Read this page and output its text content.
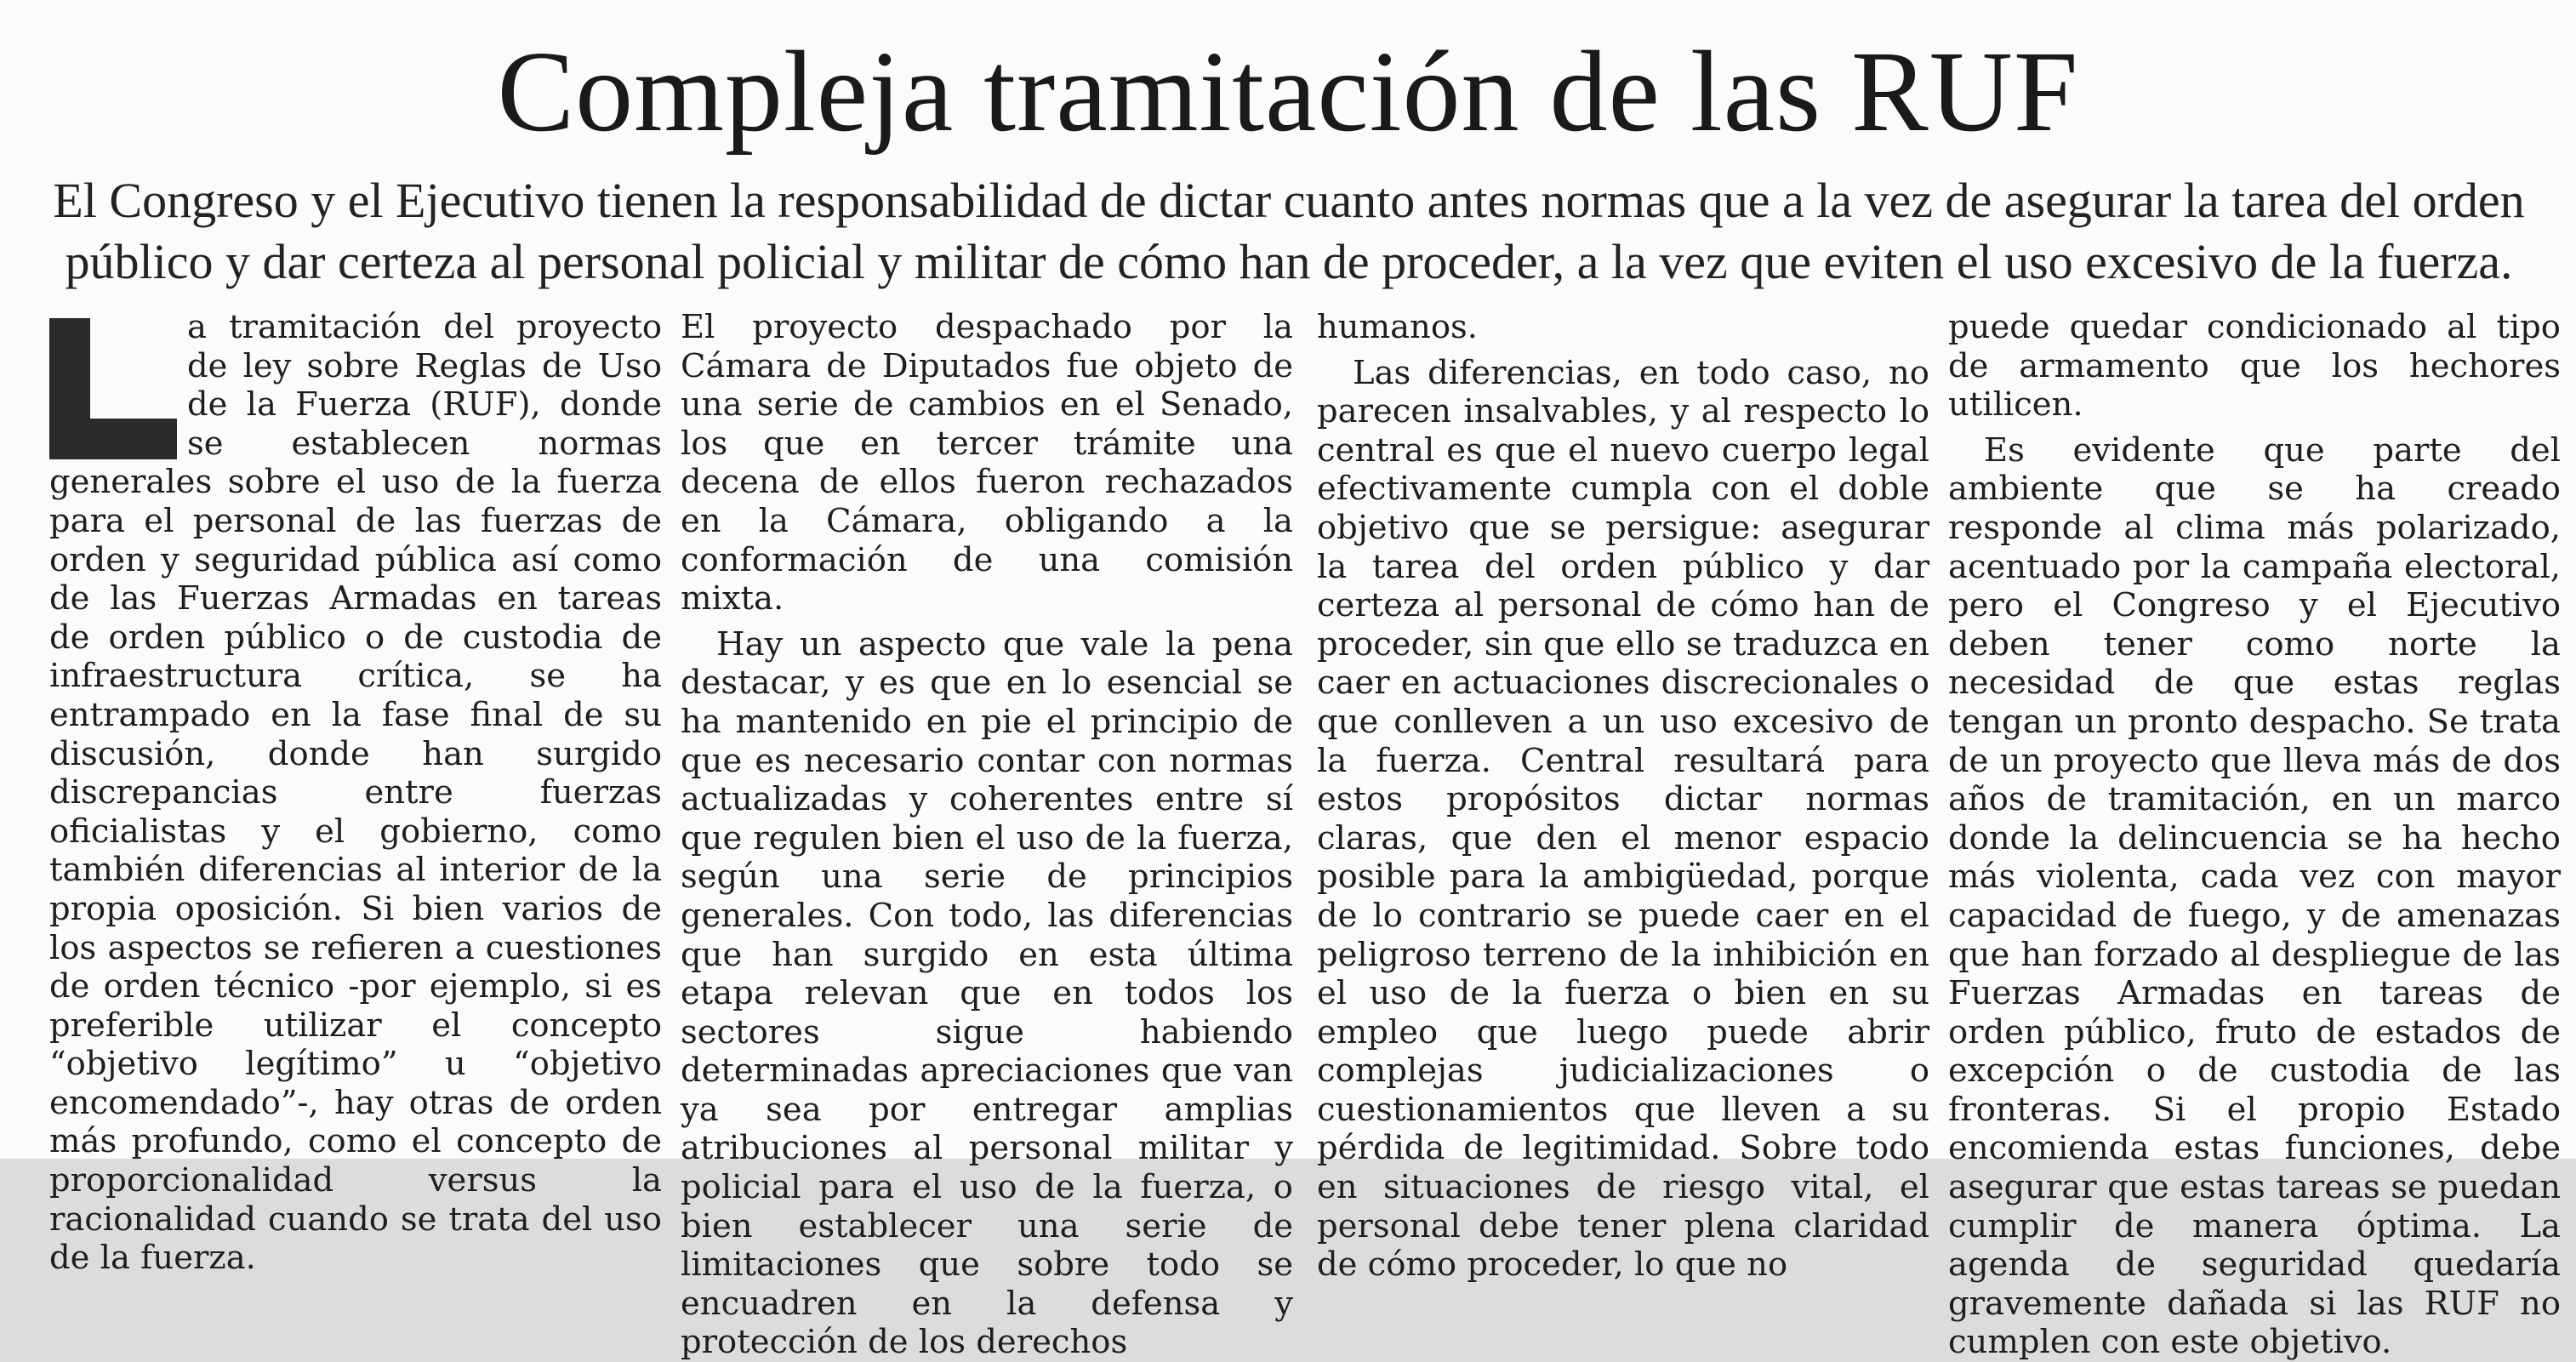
Compleja tramitación de las RUF

El Congreso y el Ejecutivo tienen la responsabilidad de dictar cuanto antes normas que a la vez de asegurar la tarea del orden público y dar certeza al personal policial y militar de cómo han de proceder, a la vez que eviten el uso excesivo de la fuerza.

a tramitación del proyecto de ley sobre Reglas de Uso de la Fuerza (RUF), donde se establecen normas generales sobre el uso de la fuerza para el personal de las fuerzas de orden y seguridad pública así como de las Fuerzas Armadas en tareas de orden público o de custodia de infraestructura crítica, se ha entrampado en la fase final de su discusión, donde han surgido discrepancias entre fuerzas oficialistas y el gobierno, como también diferencias al interior de la propia oposición. Si bien varios de los aspectos se refieren a cuestiones de orden técnico -por ejemplo, si es preferible utilizar el concepto “objetivo legítimo” u “objetivo encomendado”-, hay otras de orden más profundo, como el concepto de proporcionalidad versus la racionalidad cuando se trata del uso de la fuerza.

El proyecto despachado por la Cámara de Diputados fue objeto de una serie de cambios en el Senado, los que en tercer trámite una decena de ellos fueron rechazados en la Cámara, obligando a la conformación de una comisión mixta.

Hay un aspecto que vale la pena destacar, y es que en lo esencial se ha mantenido en pie el principio de que es necesario contar con normas actualizadas y coherentes entre sí que regulen bien el uso de la fuerza, según una serie de principios generales. Con todo, las diferencias que han surgido en esta última etapa relevan que en todos los sectores sigue habiendo determinadas apreciaciones que van ya sea por entregar amplias atribuciones al personal militar y policial para el uso de la fuerza, o bien establecer una serie de limitaciones que sobre todo se encuadren en la defensa y protección de los derechos

humanos.

Las diferencias, en todo caso, no parecen insalvables, y al respecto lo central es que el nuevo cuerpo legal efectivamente cumpla con el doble objetivo que se persigue: asegurar la tarea del orden público y dar certeza al personal de cómo han de proceder, sin que ello se traduzca en caer en actuaciones discrecionales o que conlleven a un uso excesivo de la fuerza. Central resultará para estos propósitos dictar normas claras, que den el menor espacio posible para la ambigüedad, porque de lo contrario se puede caer en el peligroso terreno de la inhibición en el uso de la fuerza o bien en su empleo que luego puede abrir complejas judicializaciones o cuestionamientos que lleven a su pérdida de legitimidad. Sobre todo en situaciones de riesgo vital, el personal debe tener plena claridad de cómo proceder, lo que no

puede quedar condicionado al tipo de armamento que los hechores utilicen.

Es evidente que parte del ambiente que se ha creado responde al clima más polarizado, acentuado por la campaña electoral, pero el Congreso y el Ejecutivo deben tener como norte la necesidad de que estas reglas tengan un pronto despacho. Se trata de un proyecto que lleva más de dos años de tramitación, en un marco donde la delincuencia se ha hecho más violenta, cada vez con mayor capacidad de fuego, y de amenazas que han forzado al despliegue de las Fuerzas Armadas en tareas de orden público, fruto de estados de excepción o de custodia de las fronteras. Si el propio Estado encomienda estas funciones, debe asegurar que estas tareas se puedan cumplir de manera óptima. La agenda de seguridad quedaría gravemente dañada si las RUF no cumplen con este objetivo.
